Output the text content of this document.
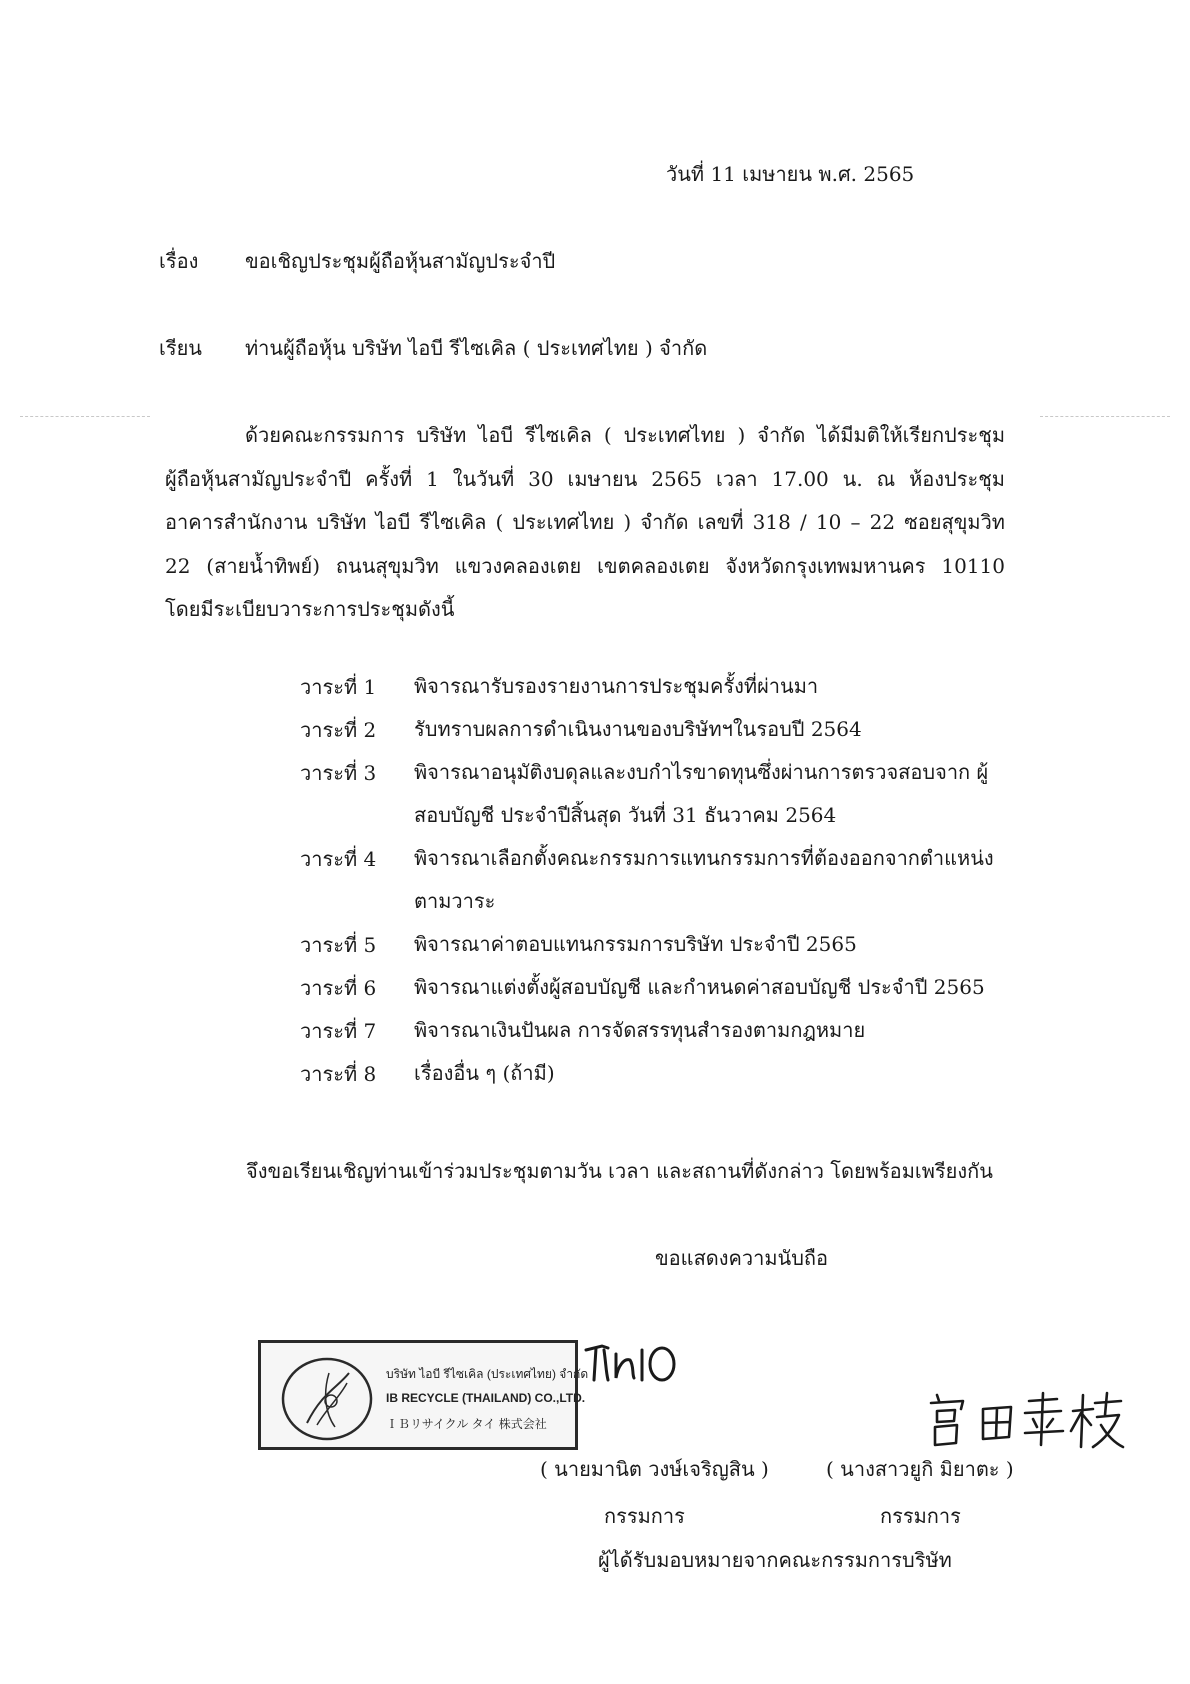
วันที่ 11 เมษายน พ.ศ. 2565
เรื่อง ขอเชิญประชุมผู้ถือหุ้นสามัญประจำปี
เรียน ท่านผู้ถือหุ้น บริษัท ไอบี รีไซเคิล ( ประเทศไทย ) จำกัด
ด้วยคณะกรรมการ บริษัท ไอบี รีไซเคิล ( ประเทศไทย ) จำกัด ได้มีมติให้เรียกประชุม
ผู้ถือหุ้นสามัญประจำปี ครั้งที่ 1 ในวันที่ 30 เมษายน 2565 เวลา 17.00 น. ณ ห้องประชุม
อาคารสำนักงาน บริษัท ไอบี รีไซเคิล ( ประเทศไทย ) จำกัด เลขที่ 318 / 10 – 22 ซอยสุขุมวิท
22 (สายน้ำทิพย์) ถนนสุขุมวิท แขวงคลองเตย เขตคลองเตย จังหวัดกรุงเทพมหานคร 10110
โดยมีระเบียบวาระการประชุมดังนี้
วาระที่ 1	พิจารณารับรองรายงานการประชุมครั้งที่ผ่านมา
วาระที่ 2	รับทราบผลการดำเนินงานของบริษัทฯในรอบปี 2564
วาระที่ 3	พิจารณาอนุมัติงบดุลและงบกำไรขาดทุนซึ่งผ่านการตรวจสอบจาก ผู้สอบบัญชี ประจำปีสิ้นสุด วันที่ 31 ธันวาคม 2564
วาระที่ 4	พิจารณาเลือกตั้งคณะกรรมการแทนกรรมการที่ต้องออกจากตำแหน่ง ตามวาระ
วาระที่ 5	พิจารณาค่าตอบแทนกรรมการบริษัท ประจำปี 2565
วาระที่ 6	พิจารณาแต่งตั้งผู้สอบบัญชี และกำหนดค่าสอบบัญชี ประจำปี 2565
วาระที่ 7	พิจารณาเงินปันผล การจัดสรรทุนสำรองตามกฎหมาย
วาระที่ 8	เรื่องอื่น ๆ (ถ้ามี)
จึงขอเรียนเชิญท่านเข้าร่วมประชุมตามวัน เวลา และสถานที่ดังกล่าว โดยพร้อมเพรียงกัน
ขอแสดงความนับถือ
บริษัท ไอบี รีไซเคิล (ประเทศไทย) จำกัด
IB RECYCLE (THAILAND) CO.,LTD.
ＩＢリサイクル タイ 株式会社
( นายมานิต วงษ์เจริญสิน )	( นางสาวยูกิ มิยาตะ )
กรรมการ	กรรมการ
ผู้ได้รับมอบหมายจากคณะกรรมการบริษัท
